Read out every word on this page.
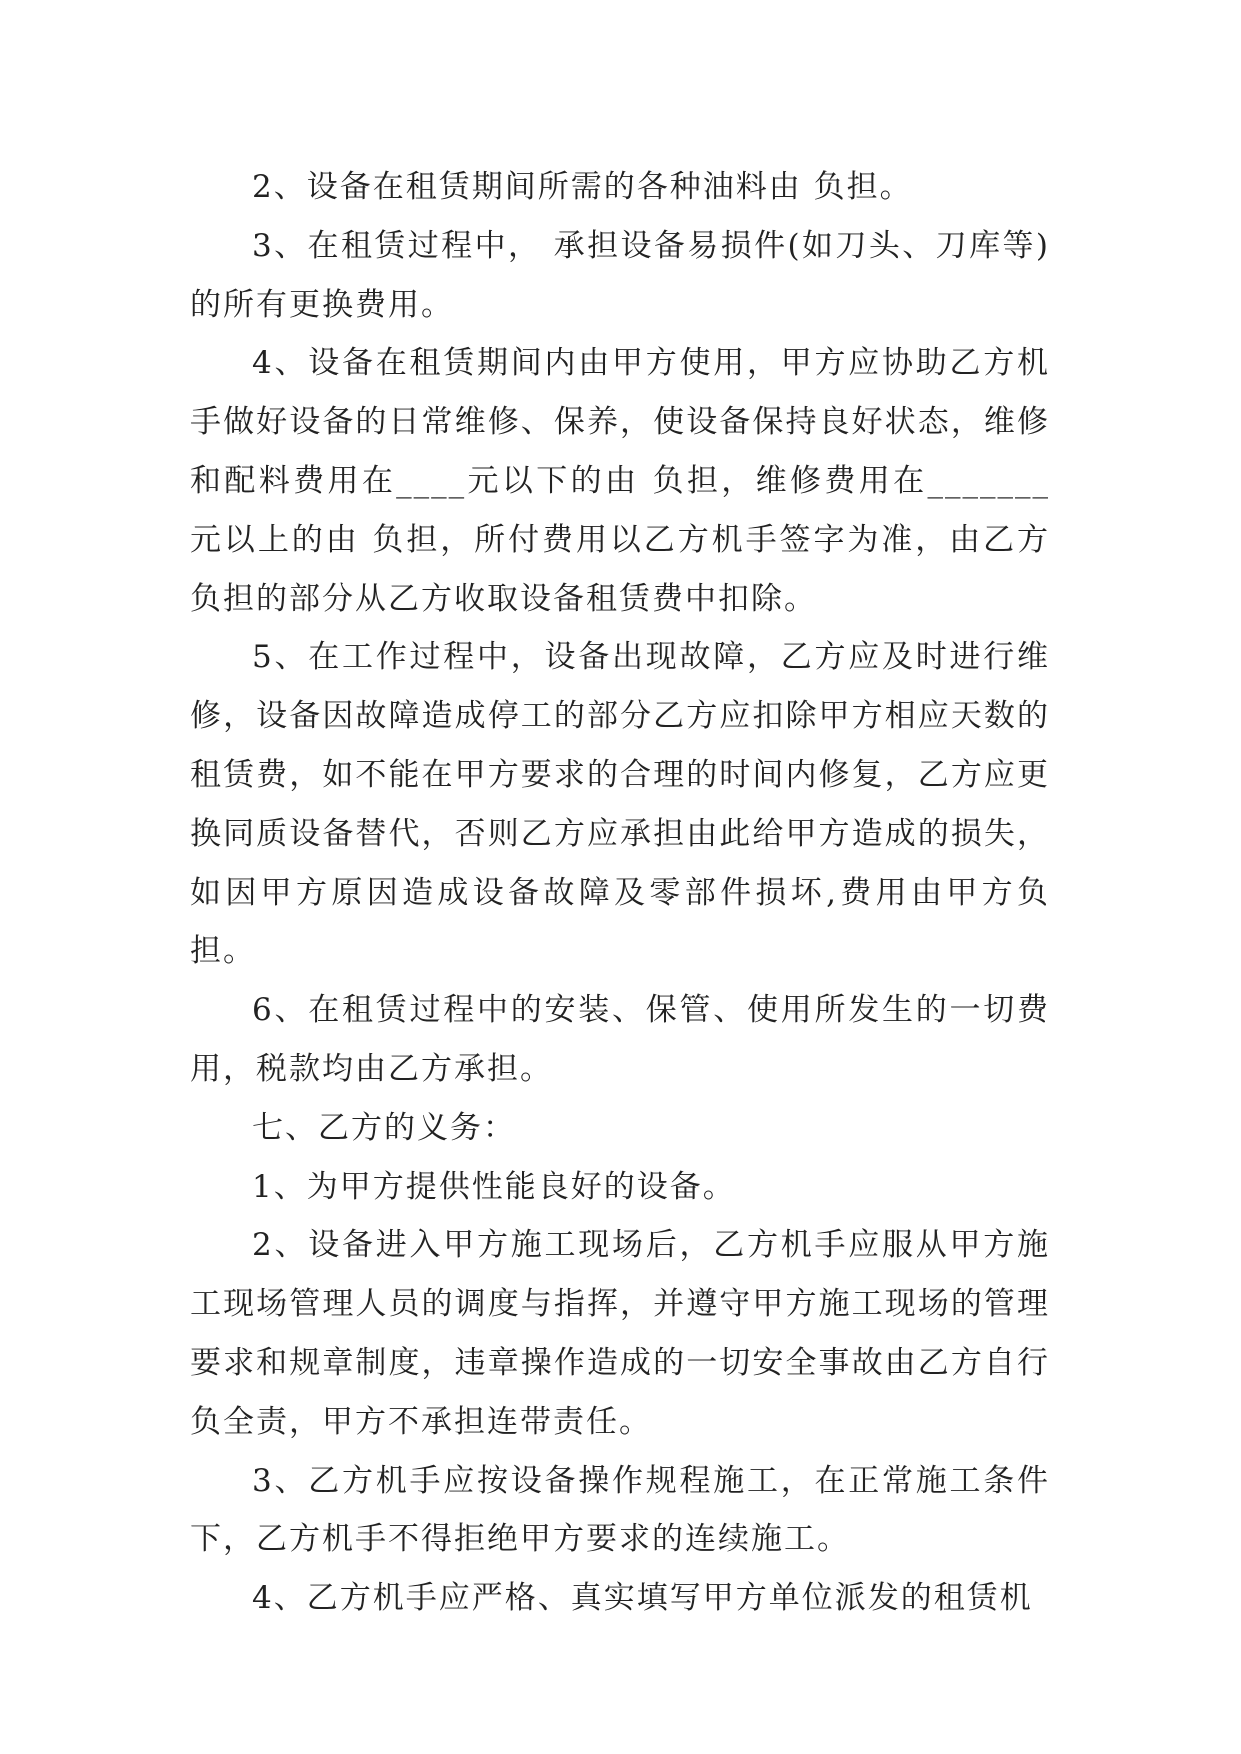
2、设备在租赁期间所需的各种油料由 负担。

3、在租赁过程中， 承担设备易损件(如刀头、刀库等)的所有更换费用。

4、设备在租赁期间内由甲方使用，甲方应协助乙方机手做好设备的日常维修、保养，使设备保持良好状态，维修和配料费用在____元以下的由 负担，维修费用在_______元以上的由 负担，所付费用以乙方机手签字为准，由乙方负担的部分从乙方收取设备租赁费中扣除。

5、在工作过程中，设备出现故障，乙方应及时进行维修，设备因故障造成停工的部分乙方应扣除甲方相应天数的租赁费，如不能在甲方要求的合理的时间内修复，乙方应更换同质设备替代，否则乙方应承担由此给甲方造成的损失，如因甲方原因造成设备故障及零部件损坏,费用由甲方负担。

6、在租赁过程中的安装、保管、使用所发生的一切费用，税款均由乙方承担。

七、乙方的义务：

1、为甲方提供性能良好的设备。

2、设备进入甲方施工现场后，乙方机手应服从甲方施工现场管理人员的调度与指挥，并遵守甲方施工现场的管理要求和规章制度，违章操作造成的一切安全事故由乙方自行负全责，甲方不承担连带责任。

3、乙方机手应按设备操作规程施工，在正常施工条件下，乙方机手不得拒绝甲方要求的连续施工。

4、乙方机手应严格、真实填写甲方单位派发的租赁机
